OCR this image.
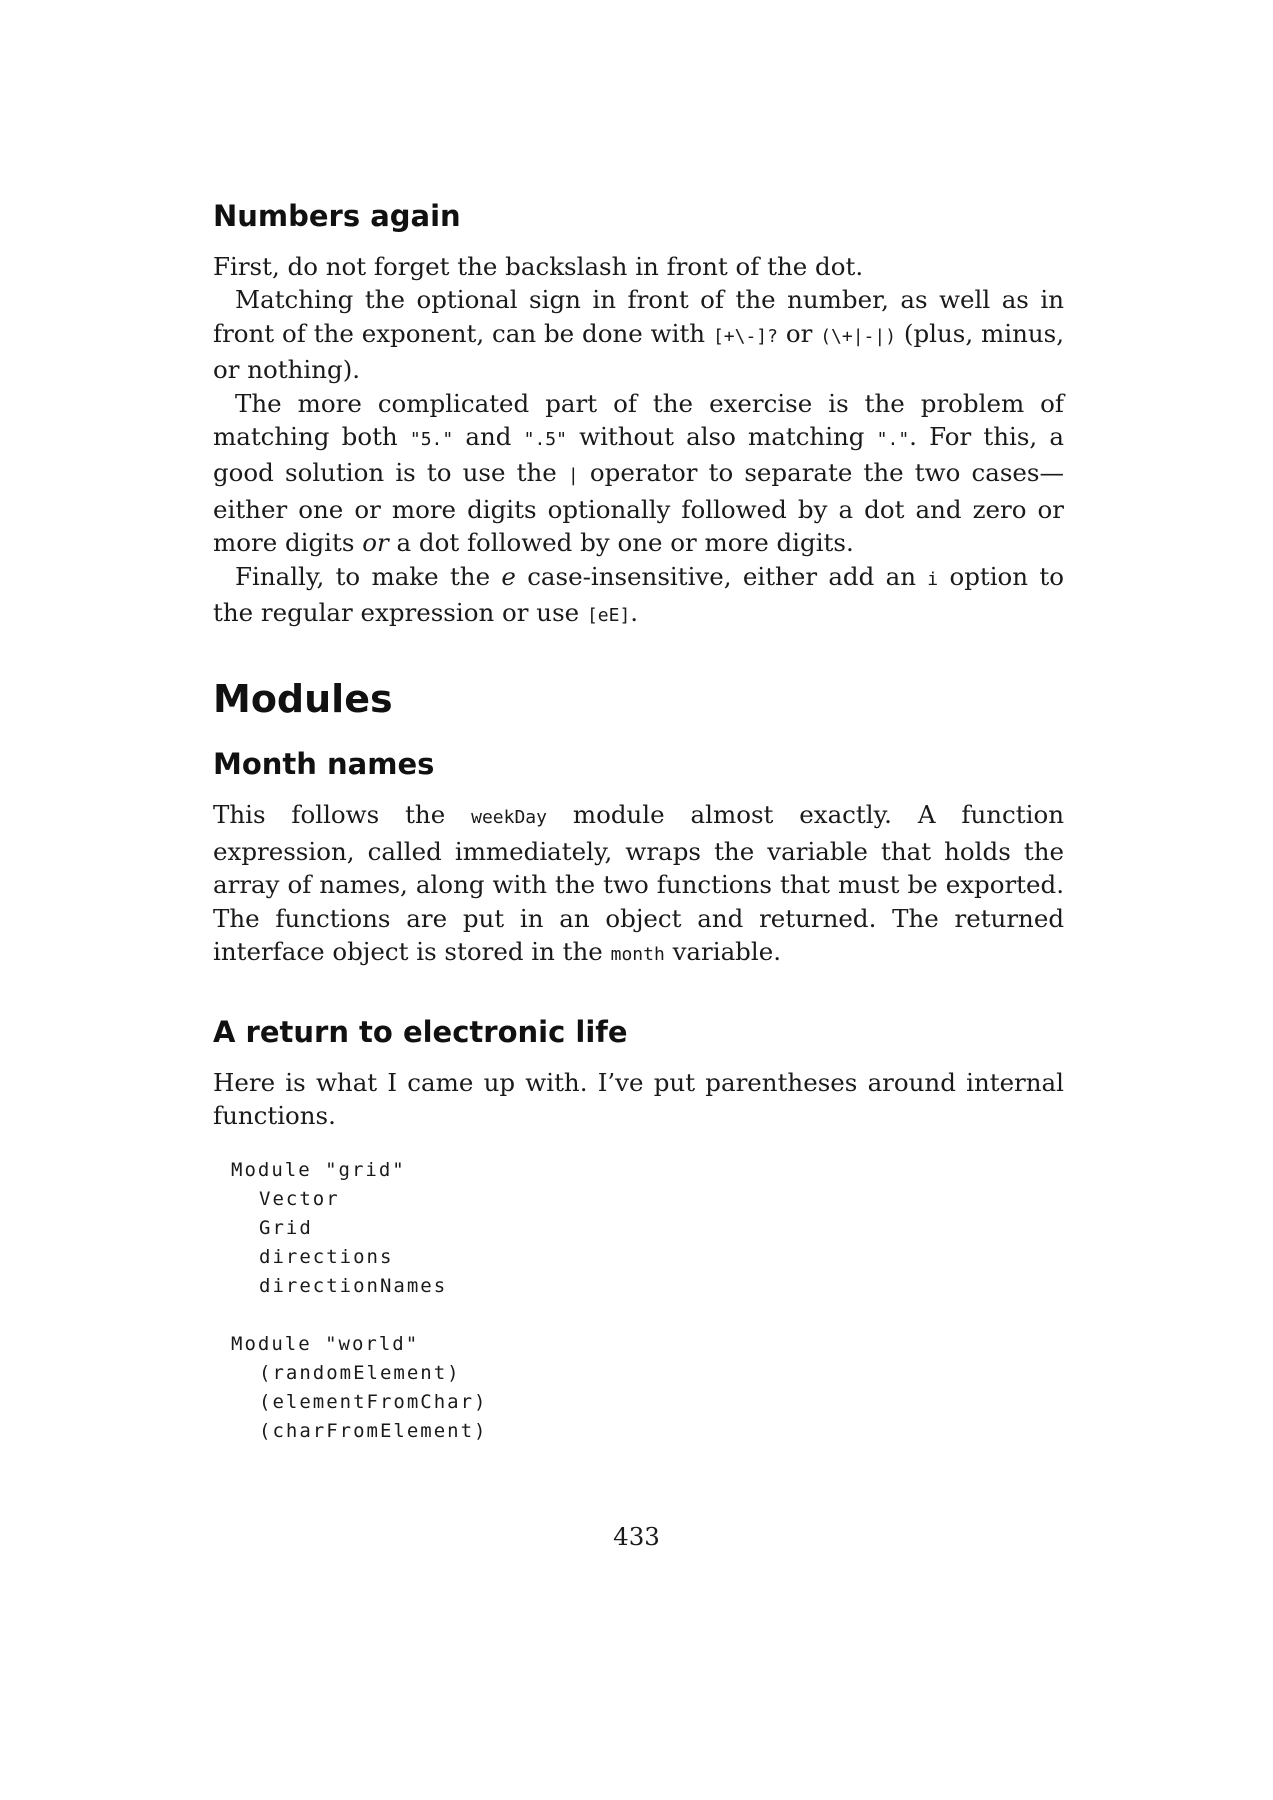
Numbers again

First, do not forget the backslash in front of the dot.

Matching the optional sign in front of the number, as well as in front of the exponent, can be done with [+\-]? or (\+|-|) (plus, minus, or nothing).

The more complicated part of the exercise is the problem of matching both "5." and ".5" without also matching ".". For this, a good solution is to use the | operator to separate the two cases—either one or more digits optionally followed by a dot and zero or more digits or a dot followed by one or more digits.

Finally, to make the e case-insensitive, either add an i option to the regular expression or use [eE].

Modules
Month names

This follows the weekDay module almost exactly. A function expression, called immediately, wraps the variable that holds the array of names, along with the two functions that must be exported. The functions are put in an object and returned. The returned interface object is stored in the month variable.

A return to electronic life

Here is what I came up with. I’ve put parentheses around internal functions.

Module "grid"
Vector
Grid
directions
directionNames

Module "world"
(randomElement)
(elementFromChar)
(charFromElement)
433
